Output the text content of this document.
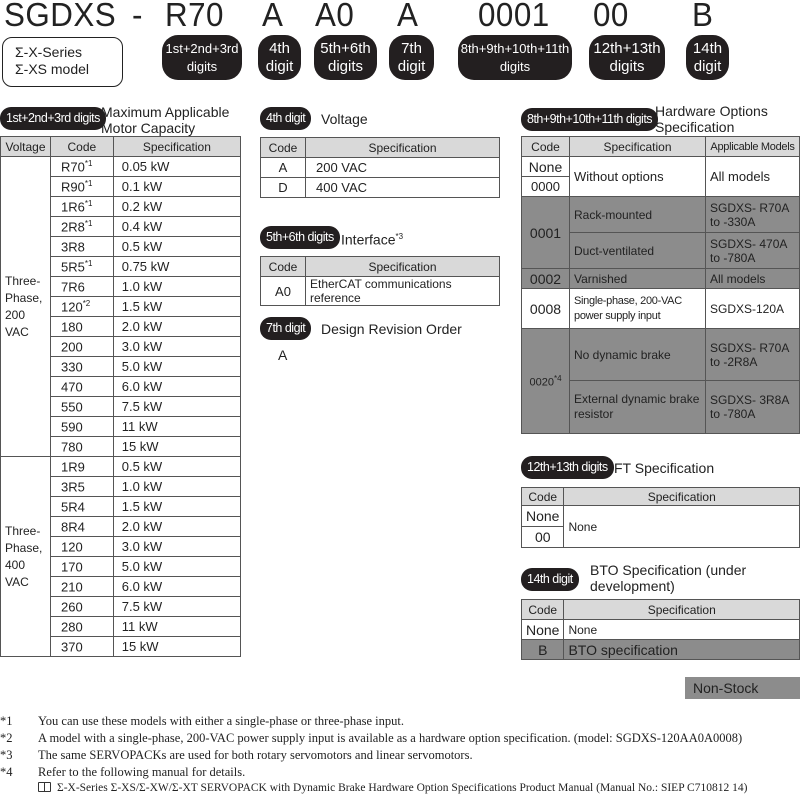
SGDXS - R70 A A0 A 0001 00 B
Σ-X-Series
Σ-XS model
1st+2nd+3rd
digits
4th
digit
5th+6th
digits
7th
digit
8th+9th+10th+11th
digits
12th+13th
digits
14th
digit
1st+2nd+3rd digits Maximum Applicable Motor Capacity
Voltage	Code	Specification
Three-Phase, 200 VAC	R70$^{*1}$	0.05 kW
	R90$^{*1}$	0.1 kW
	1R6$^{*1}$	0.2 kW
	2R8$^{*1}$	0.4 kW
	3R8	0.5 kW
	5R5$^{*1}$	0.75 kW
	7R6	1.0 kW
	120$^{*2}$	1.5 kW
	180	2.0 kW
	200	3.0 kW
	330	5.0 kW
	470	6.0 kW
	550	7.5 kW
	590	11 kW
	780	15 kW
Three-Phase, 400 VAC	1R9	0.5 kW
	3R5	1.0 kW
	5R4	1.5 kW
	8R4	2.0 kW
	120	3.0 kW
	170	5.0 kW
	210	6.0 kW
	260	7.5 kW
	280	11 kW
	370	15 kW
4th digit	Voltage
Code	Specification
A	200 VAC
D	400 VAC
5th+6th digits Interface$^{*3}$
Code	Specification
A0	EtherCAT communications reference
7th digit	Design Revision Order
A
8th+9th+10th+11th digits Hardware Options Specification
Code	Specification	Applicable Models
None	Without options	All models
0000		
0001	Rack-mounted	SGDXS- R70A to -330A
	Duct-ventilated	SGDXS- 470A to -780A
0002	Varnished	All models
0008	Single-phase, 200-VAC power supply input	SGDXS-120A
0020$^{*4}$	No dynamic brake	SGDXS- R70A to -2R8A
	External dynamic brake resistor	SGDXS- 3R8A to -780A
12th+13th digits FT Specification
Code	Specification
None	None
00	
14th digit
BTO Specification (under development)
Code	Specification
None	None
B	BTO specification
Non-Stock
*1 You can use these models with either a single-phase or three-phase input.
*2 A model with a single-phase, 200-VAC power supply input is available as a hardware option specification. (model: SGDXS-120AA0A0008)
*3 The same SERVOPACKs are used for both rotary servomotors and linear servomotors.
*4 Refer to the following manual for details.
Σ-X-Series Σ-XS/Σ-XW/Σ-XT SERVOPACK with Dynamic Brake Hardware Option Specifications Product Manual (Manual No.: SIEP C710812 14)
